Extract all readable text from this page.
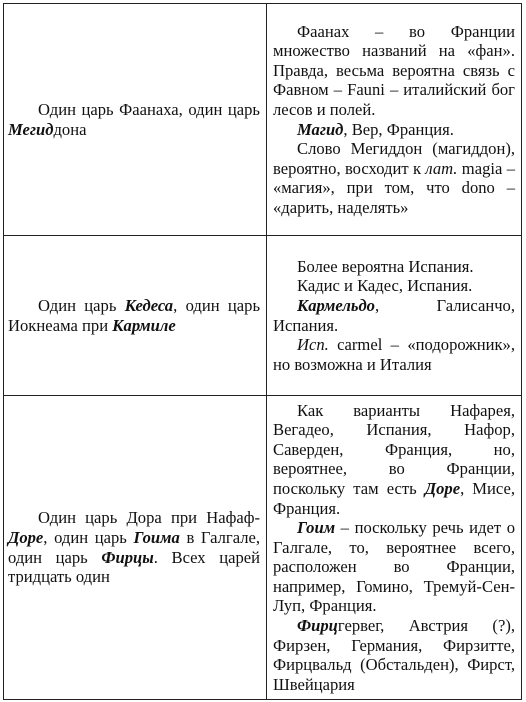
Один царь Фаанаха, один царь Мегиддона	Фаанах – во Франции множество названий на «фан». Правда, весьма вероятна связь с Фавном – Fauni – италийский бог лесов и полей.
Магид, Вер, Франция.
Слово Мегиддон (магиддон), вероятно, восходит к лат. magia – «магия», при том, что dono – «дарить, наделять»

Один царь Кедеса, один царь Иокнеама при Кармиле	Более вероятна Испания.
Кадис и Кадес, Испания.
Кармельдо, Галисанчо, Испания.
Исп. carmel – «подорожник», но возможна и Италия

Один царь Дора при Нафаф-Доре, один царь Гоима в Галгале, один царь Фирцы. Всех царей тридцать один	Как варианты Нафарея, Вегадео, Испания, Нафор, Саверден, Франция, но, вероятнее, во Франции, поскольку там есть Доре, Мисе, Франция.
Гоим – поскольку речь идет о Галгале, то, вероятнее всего, расположен во Франции, например, Гомино, Тремуй-Сен-Луп, Франция.
Фирцгервег, Австрия (?), Фирзен, Германия, Фирзитте, Фирцвальд (Обстальден), Фирст, Швейцария
